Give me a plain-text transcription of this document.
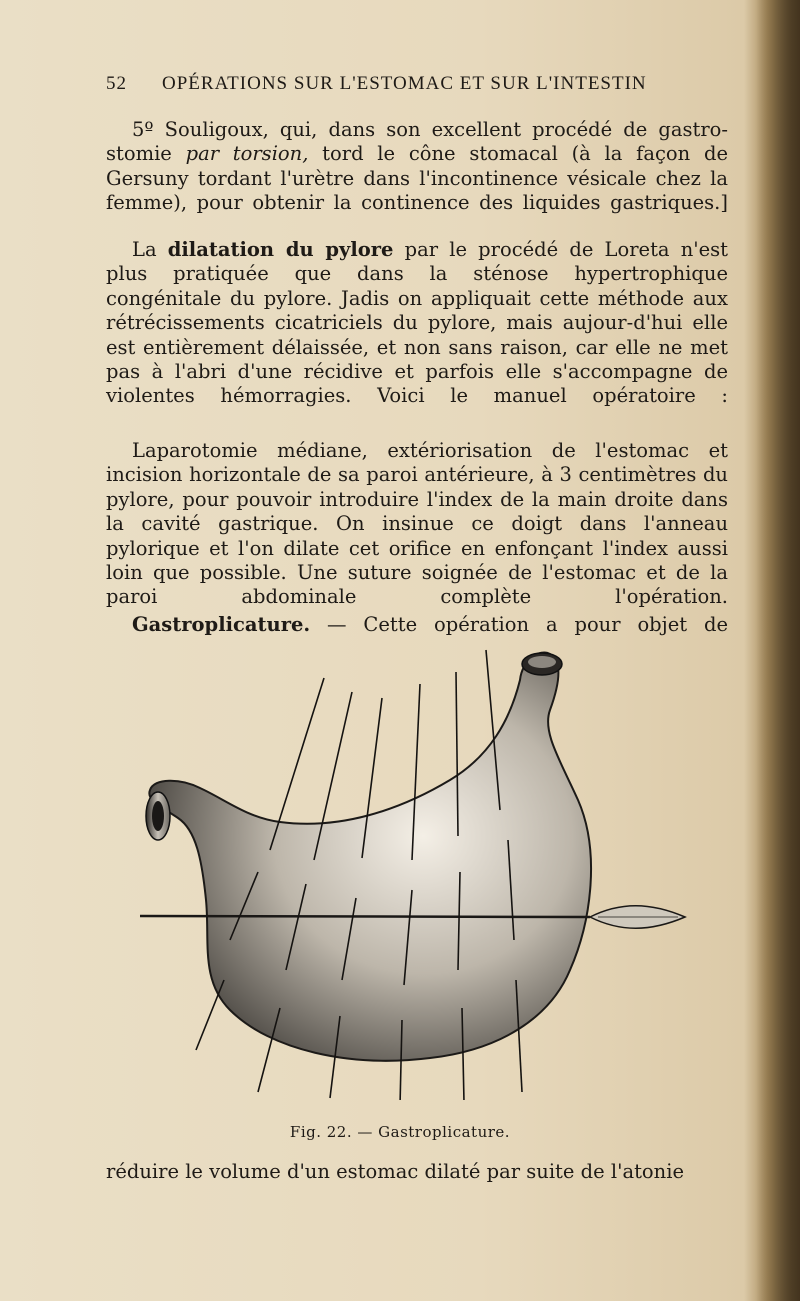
52 OPÉRATIONS SUR L'ESTOMAC ET SUR L'INTESTIN
5º Souligoux, qui, dans son excellent procédé de gastro-stomie par torsion, tord le cône stomacal (à la façon de Gersuny tordant l'urètre dans l'incontinence vésicale chez la femme), pour obtenir la continence des liquides gastriques.]
La dilatation du pylore par le procédé de Loreta n'est plus pratiquée que dans la sténose hypertrophique congénitale du pylore. Jadis on appliquait cette méthode aux rétrécissements cicatriciels du pylore, mais aujour-d'hui elle est entièrement délaissée, et non sans raison, car elle ne met pas à l'abri d'une récidive et parfois elle s'accompagne de violentes hémorragies. Voici le manuel opératoire :
Laparotomie médiane, extériorisation de l'estomac et incision horizontale de sa paroi antérieure, à 3 centimètres du pylore, pour pouvoir introduire l'index de la main droite dans la cavité gastrique. On insinue ce doigt dans l'anneau pylorique et l'on dilate cet orifice en enfonçant l'index aussi loin que possible. Une suture soignée de l'estomac et de la paroi abdominale complète l'opération.
Gastroplicature. — Cette opération a pour objet de
Fig. 22. — Gastroplicature.
réduire le volume d'un estomac dilaté par suite de l'atonie
